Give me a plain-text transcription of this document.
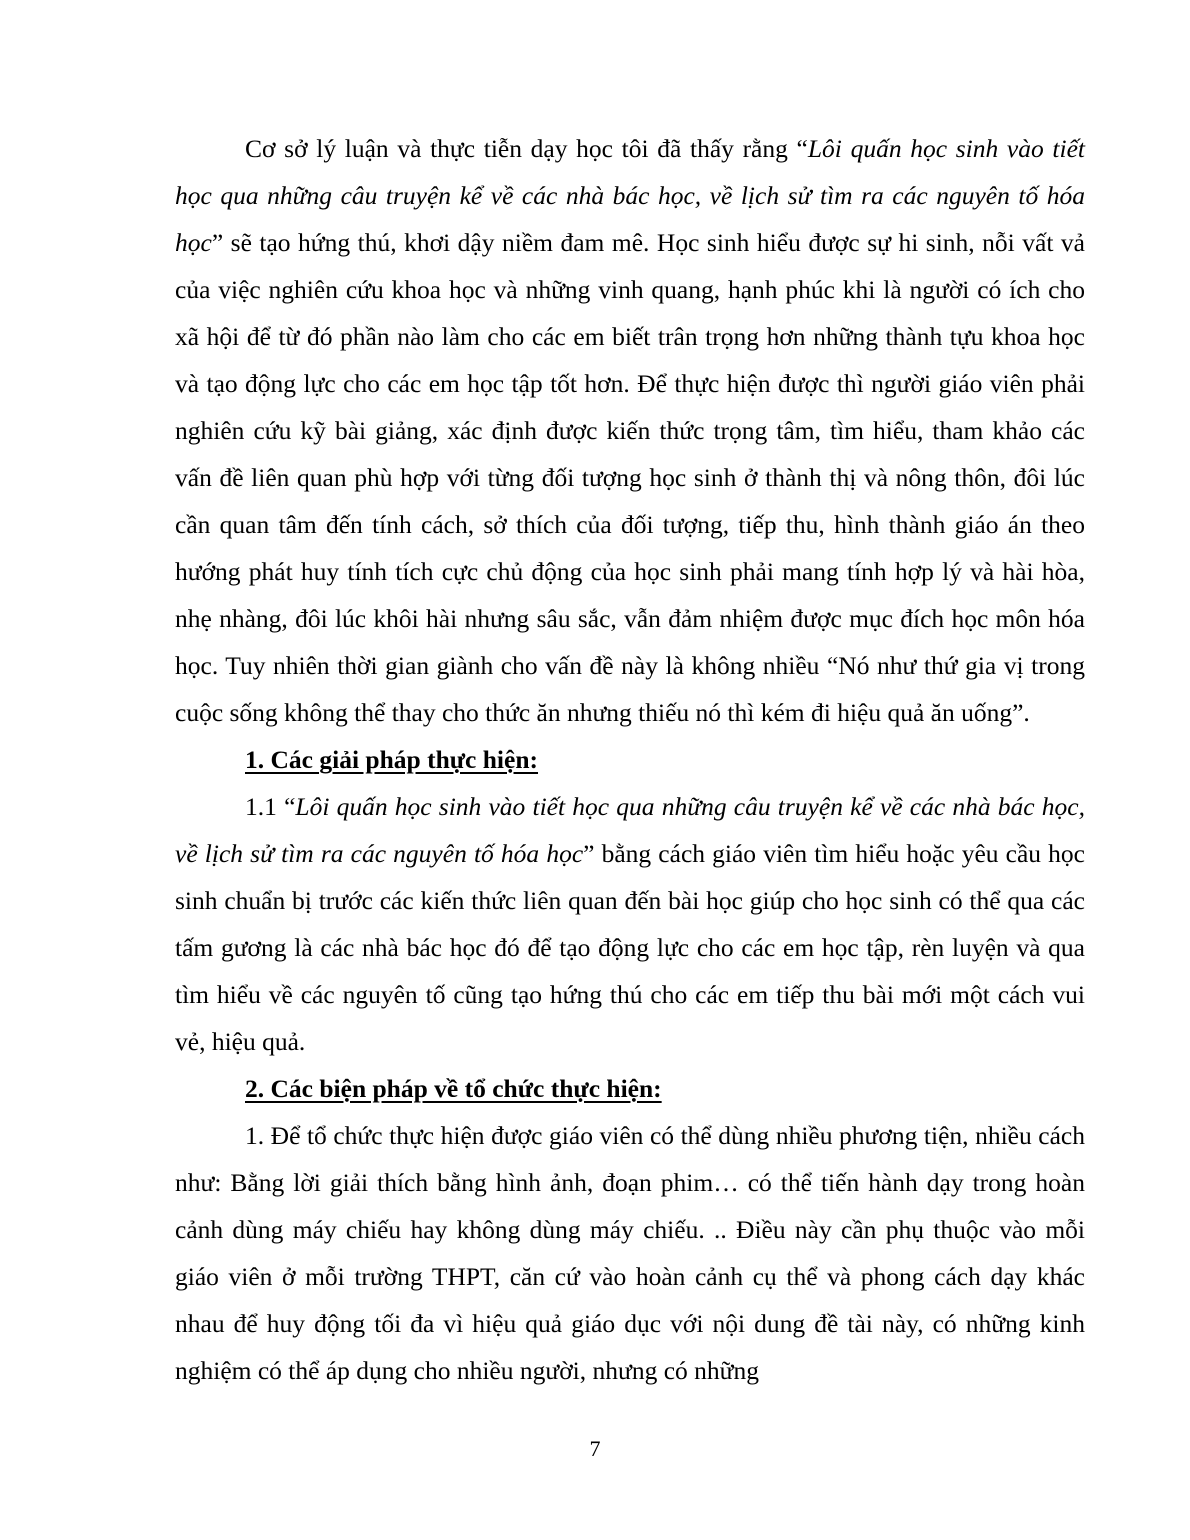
Cơ sở lý luận và thực tiễn dạy học tôi đã thấy rằng “Lôi quấn học sinh vào tiết học qua những câu truyện kể về các nhà bác học, về lịch sử tìm ra các nguyên tố hóa học” sẽ tạo hứng thú, khơi dậy niềm đam mê. Học sinh hiểu được sự hi sinh, nỗi vất vả của việc nghiên cứu khoa học và những vinh quang, hạnh phúc khi là người có ích cho xã hội để từ đó phần nào làm cho các em biết trân trọng hơn những thành tựu khoa học và tạo động lực cho các em học tập tốt hơn. Để thực hiện được thì người giáo viên phải nghiên cứu kỹ bài giảng, xác định được kiến thức trọng tâm, tìm hiểu, tham khảo các vấn đề liên quan phù hợp với từng đối tượng học sinh ở thành thị và nông thôn, đôi lúc cần quan tâm đến tính cách, sở thích của đối tượng, tiếp thu, hình thành giáo án theo hướng phát huy tính tích cực chủ động của học sinh phải mang tính hợp lý và hài hòa, nhẹ nhàng, đôi lúc khôi hài nhưng sâu sắc, vẫn đảm nhiệm được mục đích học môn hóa học. Tuy nhiên thời gian giành cho vấn đề này là không nhiều “Nó như thứ gia vị trong cuộc sống không thể thay cho thức ăn nhưng thiếu nó thì kém đi hiệu quả ăn uống”.

1. Các giải pháp thực hiện:

1.1 “Lôi quấn học sinh vào tiết học qua những câu truyện kể về các nhà bác học, về lịch sử tìm ra các nguyên tố hóa học” bằng cách giáo viên tìm hiểu hoặc yêu cầu học sinh chuẩn bị trước các kiến thức liên quan đến bài học giúp cho học sinh có thể qua các tấm gương là các nhà bác học đó để tạo động lực cho các em học tập, rèn luyện và qua tìm hiểu về các nguyên tố cũng tạo hứng thú cho các em tiếp thu bài mới một cách vui vẻ, hiệu quả.

2. Các biện pháp về tổ chức thực hiện:

1. Để tổ chức thực hiện được giáo viên có thể dùng nhiều phương tiện, nhiều cách như: Bằng lời giải thích bằng hình ảnh, đoạn phim… có thể tiến hành dạy trong hoàn cảnh dùng máy chiếu hay không dùng máy chiếu. .. Điều này cần phụ thuộc vào mỗi giáo viên ở mỗi trường THPT, căn cứ vào hoàn cảnh cụ thể và phong cách dạy khác nhau để huy động tối đa vì hiệu quả giáo dục với nội dung đề tài này, có những kinh nghiệm có thể áp dụng cho nhiều người, nhưng có những

7
